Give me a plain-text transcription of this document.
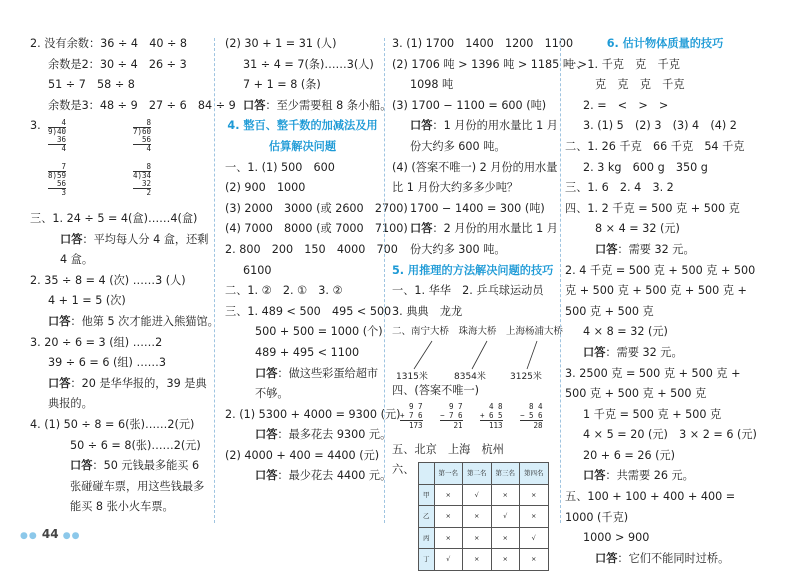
2. 没有余数：36 ÷ 4　40 ÷ 8
余数是2：30 ÷ 4　26 ÷ 3
51 ÷ 7　58 ÷ 8
余数是3：48 ÷ 9　27 ÷ 6　84 ÷ 9
3. 4
9)40
36
4
8
7)60
56
4
7
8)59
56
3
8
4)34
32
2
三、1. 24 ÷ 5 = 4(盒)……4(盒)
口答：平均每人分 4 盒，还剩 4 盒。
2. 35 ÷ 8 = 4 (次) ……3 (人)
4 + 1 = 5 (次)
口答：他第 5 次才能进入熊猫馆。
3. 20 ÷ 6 = 3 (组) ……2
39 ÷ 6 = 6 (组) ……3
口答：20 是华华报的，39 是典典报的。
4. (1) 50 ÷ 8 = 6(张)……2(元)
50 ÷ 6 = 8(张)……2(元)
口答：50 元钱最多能买 6 张碰碰车票，用这些钱最多能买 8 张小火车票。
(2) 30 + 1 = 31 (人)
31 ÷ 4 = 7(条)……3(人)
7 + 1 = 8 (条)
口答：至少需要租 8 条小船。
4. 整百、整千数的加减法及用
估算解决问题
一、1. (1) 500　600
(2) 900　1000
(3) 2000　3000 (或 2600　2700)
(4) 7000　8000 (或 7000　7100)
2. 800　200　150　4000　700
6100
二、1. ②　2. ①　3. ②
三、1. 489 < 500　495 < 500
500 + 500 = 1000 (个)
489 + 495 < 1100
口答：做这些彩蛋给超市不够。
2. (1) 5300 + 4000 = 9300 (元)
口答：最多花去 9300 元。
(2) 4000 + 400 = 4400 (元)
口答：最少花去 4400 元。
3. (1) 1700　1400　1200　1100
(2) 1706 吨 > 1396 吨 > 1185 吨 >
1098 吨
(3) 1700 − 1100 = 600 (吨)
口答：1 月份的用水量比 1 月份大约多 600 吨。
(4) (答案不唯一) 2 月份的用水量比 1 月份大约多多少吨？
1700 − 1400 = 300 (吨)
口答：2 月份的用水量比 1 月份大约多 300 吨。
5. 用推理的方法解决问题的技巧
一、1. 华华　2. 乒乓球运动员
3. 典典　龙龙
二、南宁大桥　珠海大桥　上海杨浦大桥
1315米	8354米	3125米
四、(答案不唯一)
9 7
+ 7 6
173
9 7
− 7 6
21
4 8
+ 6 5
113
8 4
− 5 6
28
五、北京　上海　杭州
六、
		第一名	第二名	第三名	第四名
甲	×	√	×	×
乙	×	×	√	×
丙	×	×	×	√
丁	√	×	×	×
6. 估计物体质量的技巧
一、1. 千克　克　千克
克　克　克　千克
2. =　<　>　>
3. (1) 5　(2) 3　(3) 4　(4) 2
二、1. 26 千克　66 千克　54 千克
2. 3 kg　600 g　350 g
三、1. 6　2. 4　3. 2
四、1. 2 千克 = 500 克 + 500 克
8 × 4 = 32 (元)
口答：需要 32 元。
2. 4 千克 = 500 克 + 500 克 + 500 克 + 500 克 + 500 克 + 500 克 + 500 克 + 500 克
4 × 8 = 32 (元)
口答：需要 32 元。
3. 2500 克 = 500 克 + 500 克 + 500 克 + 500 克 + 500 克
1 千克 = 500 克 + 500 克
4 × 5 = 20 (元)　3 × 2 = 6 (元)
20 + 6 = 26 (元)
口答：共需要 26 元。
五、100 + 100 + 400 + 400 = 1000 (千克)
1000 > 900
口答：它们不能同时过桥。
●● 44 ●●
